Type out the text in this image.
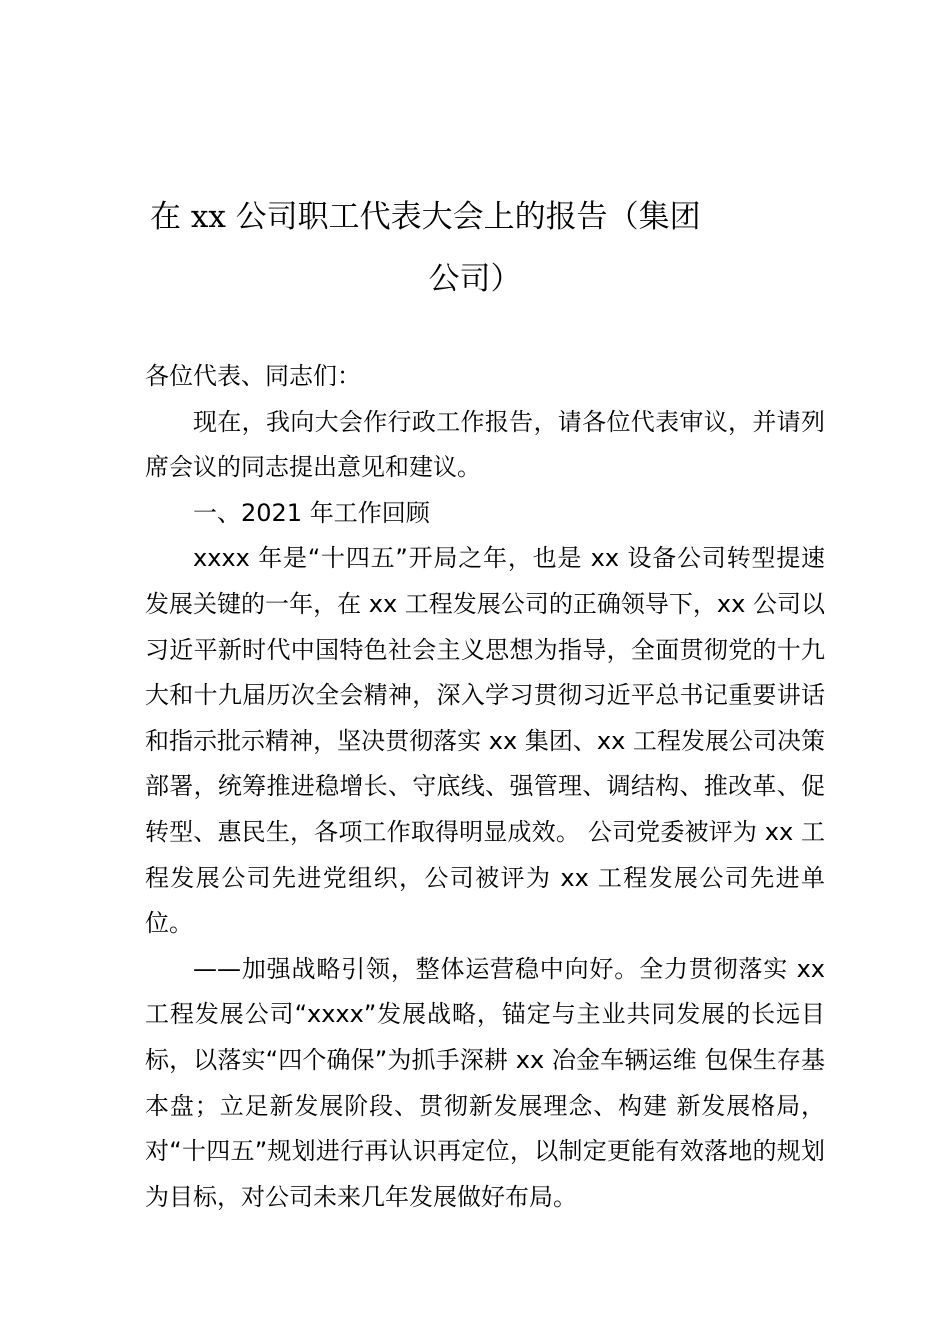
在 xx 公司职工代表大会上的报告（集团
公司）

各位代表、同志们：

现在，我向大会作行政工作报告，请各位代表审议，并请列席会议的同志提出意见和建议。

一、2021 年工作回顾

xxxx 年是“十四五”开局之年，也是 xx 设备公司转型提速发展关键的一年，在 xx 工程发展公司的正确领导下，xx 公司以习近平新时代中国特色社会主义思想为指导，全面贯彻党的十九大和十九届历次全会精神，深入学习贯彻习近平总书记重要讲话和指示批示精神，坚决贯彻落实 xx 集团、xx 工程发展公司决策部署，统筹推进稳增长、守底线、强管理、调结构、推改革、促转型、惠民生，各项工作取得明显成效。 公司党委被评为 xx 工程发展公司先进党组织，公司被评为 xx 工程发展公司先进单位。

——加强战略引领，整体运营稳中向好。全力贯彻落实 xx 工程发展公司“xxxx”发展战略，锚定与主业共同发展的长远目标，以落实“四个确保”为抓手深耕 xx 冶金车辆运维 包保生存基本盘；立足新发展阶段、贯彻新发展理念、构建 新发展格局，对“十四五”规划进行再认识再定位，以制定更能有效落地的规划为目标，对公司未来几年发展做好布局。
